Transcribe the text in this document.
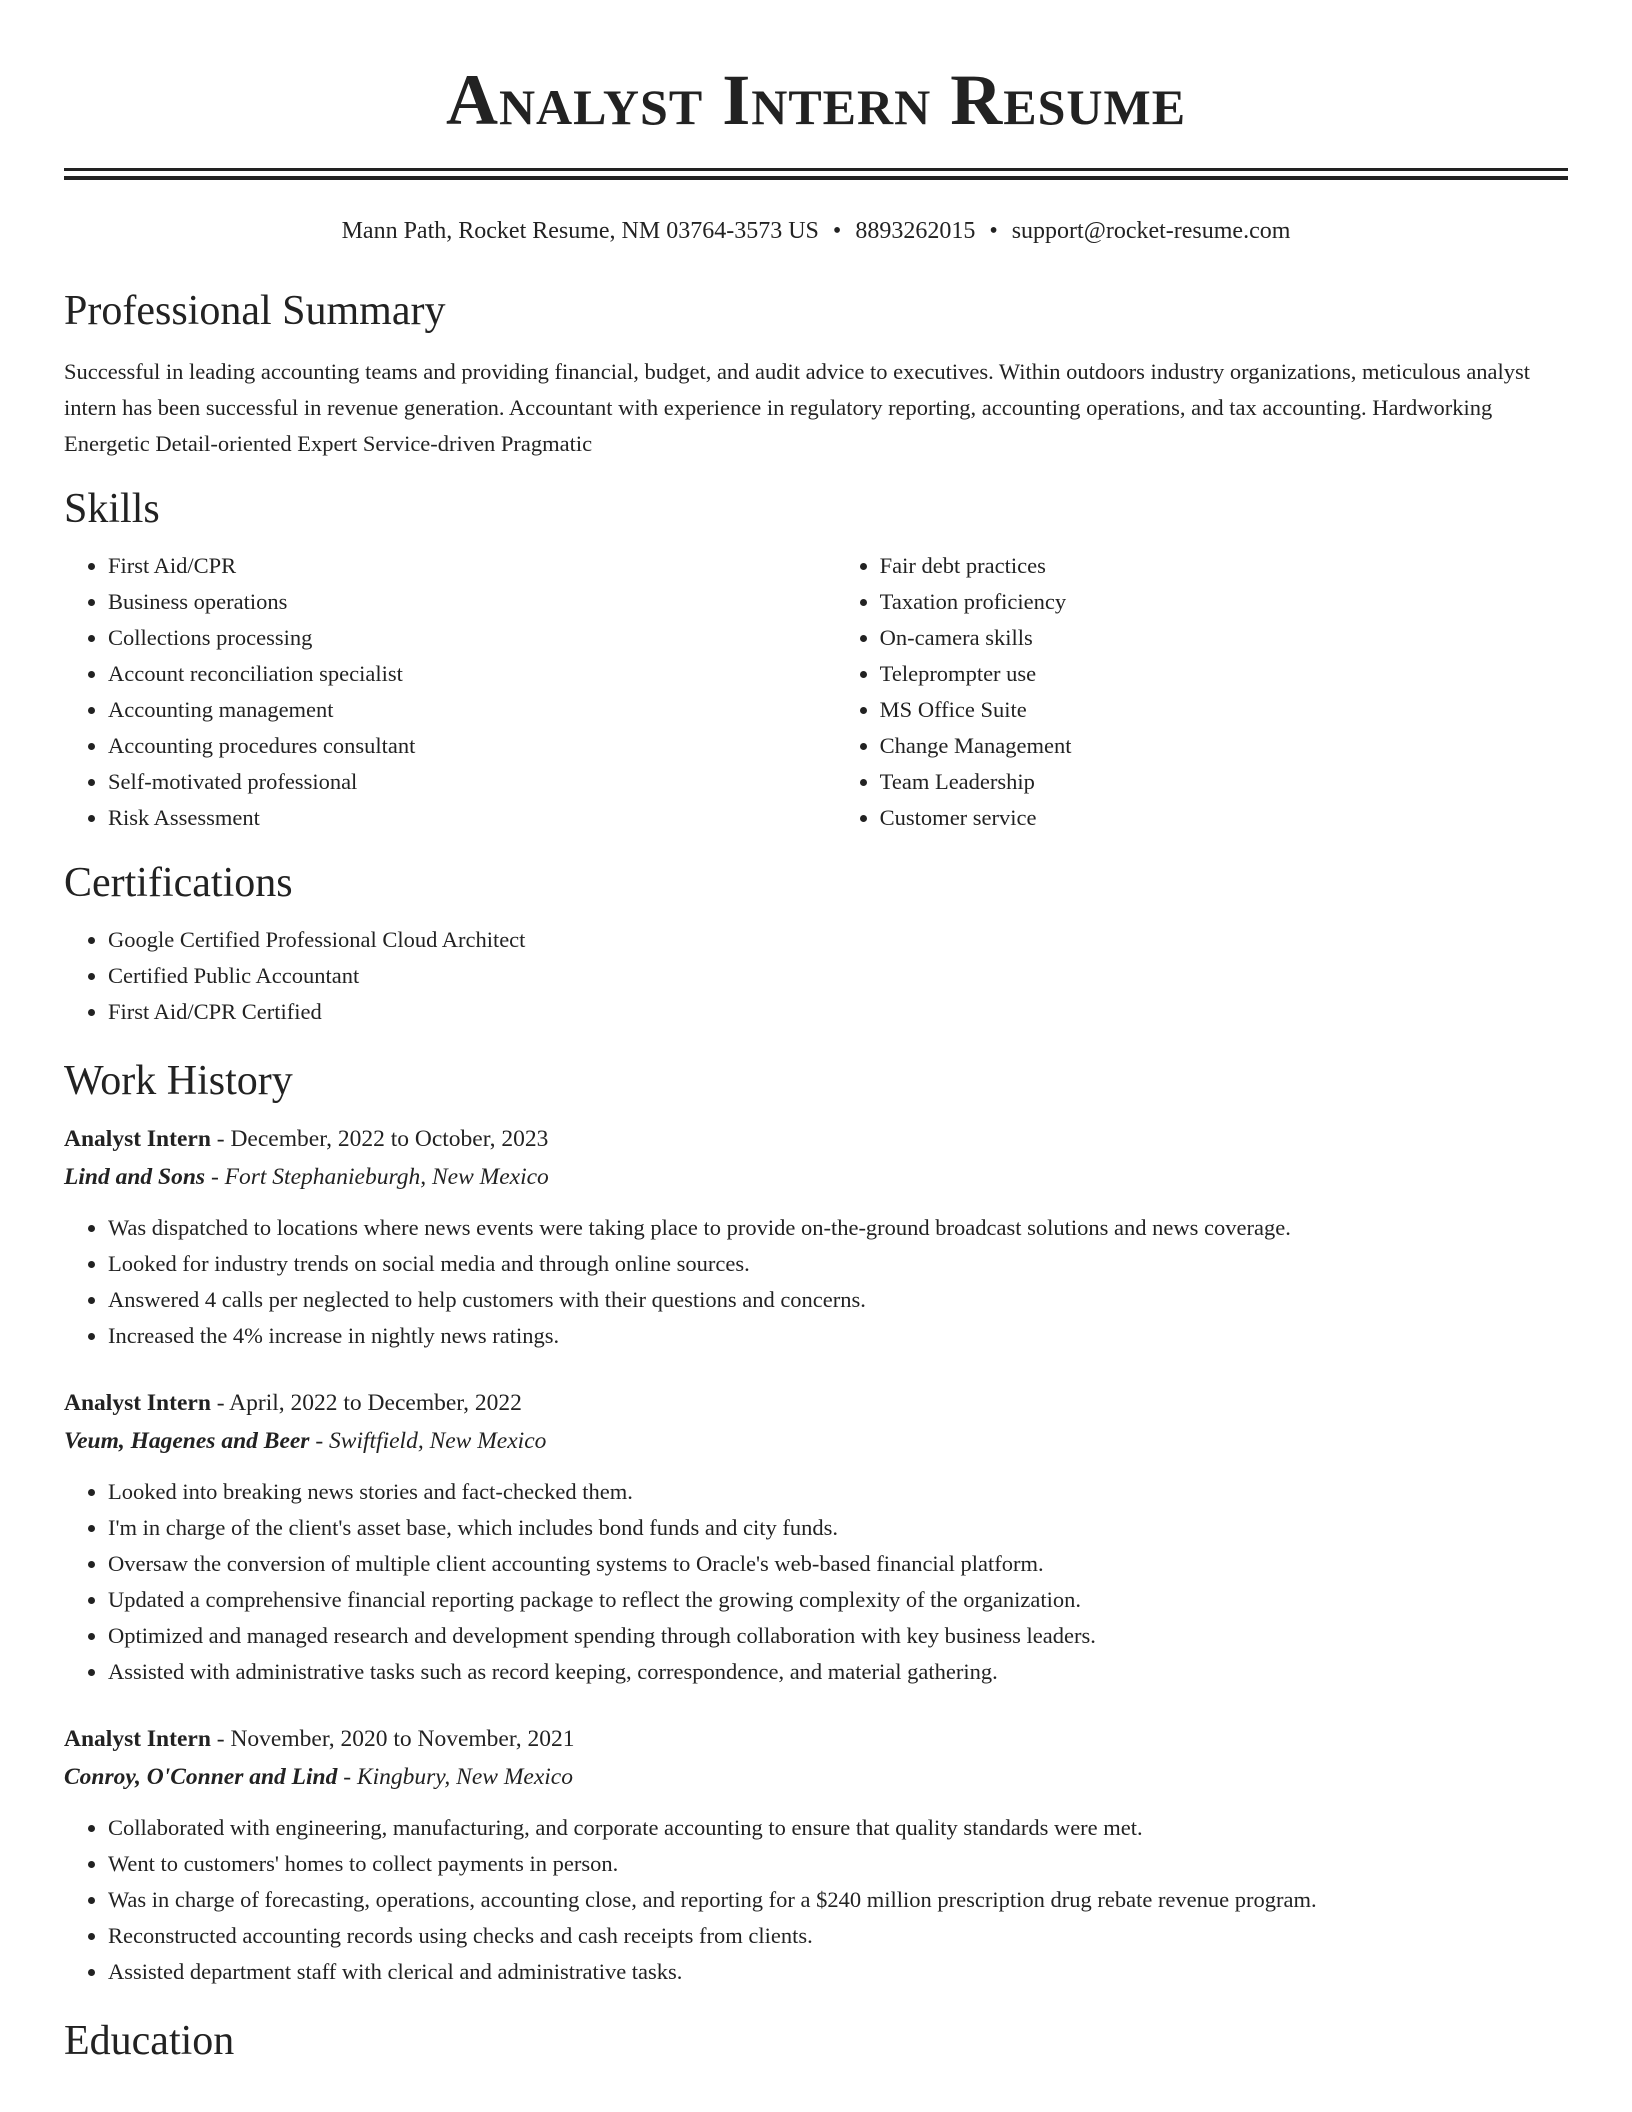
Analyst Intern Resume
Mann Path, Rocket Resume, NM 03764-3573 US • 8893262015 • support@rocket-resume.com
Professional Summary

Successful in leading accounting teams and providing financial, budget, and audit advice to executives. Within outdoors industry organizations, meticulous analyst intern has been successful in revenue generation. Accountant with experience in regulatory reporting, accounting operations, and tax accounting. Hardworking Energetic Detail-oriented Expert Service-driven Pragmatic

Skills
• First Aid/CPR
• Business operations
• Collections processing
• Account reconciliation specialist
• Accounting management
• Accounting procedures consultant
• Self-motivated professional
• Risk Assessment
• Fair debt practices
• Taxation proficiency
• On-camera skills
• Teleprompter use
• MS Office Suite
• Change Management
• Team Leadership
• Customer service
Certifications
• Google Certified Professional Cloud Architect
• Certified Public Accountant
• First Aid/CPR Certified
Work History
Analyst Intern - December, 2022 to October, 2023
Lind and Sons - Fort Stephanieburgh, New Mexico
• Was dispatched to locations where news events were taking place to provide on-the-ground broadcast solutions and news coverage.
• Looked for industry trends on social media and through online sources.
• Answered 4 calls per neglected to help customers with their questions and concerns.
• Increased the 4% increase in nightly news ratings.
Analyst Intern - April, 2022 to December, 2022
Veum, Hagenes and Beer - Swiftfield, New Mexico
• Looked into breaking news stories and fact-checked them.
• I'm in charge of the client's asset base, which includes bond funds and city funds.
• Oversaw the conversion of multiple client accounting systems to Oracle's web-based financial platform.
• Updated a comprehensive financial reporting package to reflect the growing complexity of the organization.
• Optimized and managed research and development spending through collaboration with key business leaders.
• Assisted with administrative tasks such as record keeping, correspondence, and material gathering.
Analyst Intern - November, 2020 to November, 2021
Conroy, O'Conner and Lind - Kingbury, New Mexico
• Collaborated with engineering, manufacturing, and corporate accounting to ensure that quality standards were met.
• Went to customers' homes to collect payments in person.
• Was in charge of forecasting, operations, accounting close, and reporting for a $240 million prescription drug rebate revenue program.
• Reconstructed accounting records using checks and cash receipts from clients.
• Assisted department staff with clerical and administrative tasks.
Education
